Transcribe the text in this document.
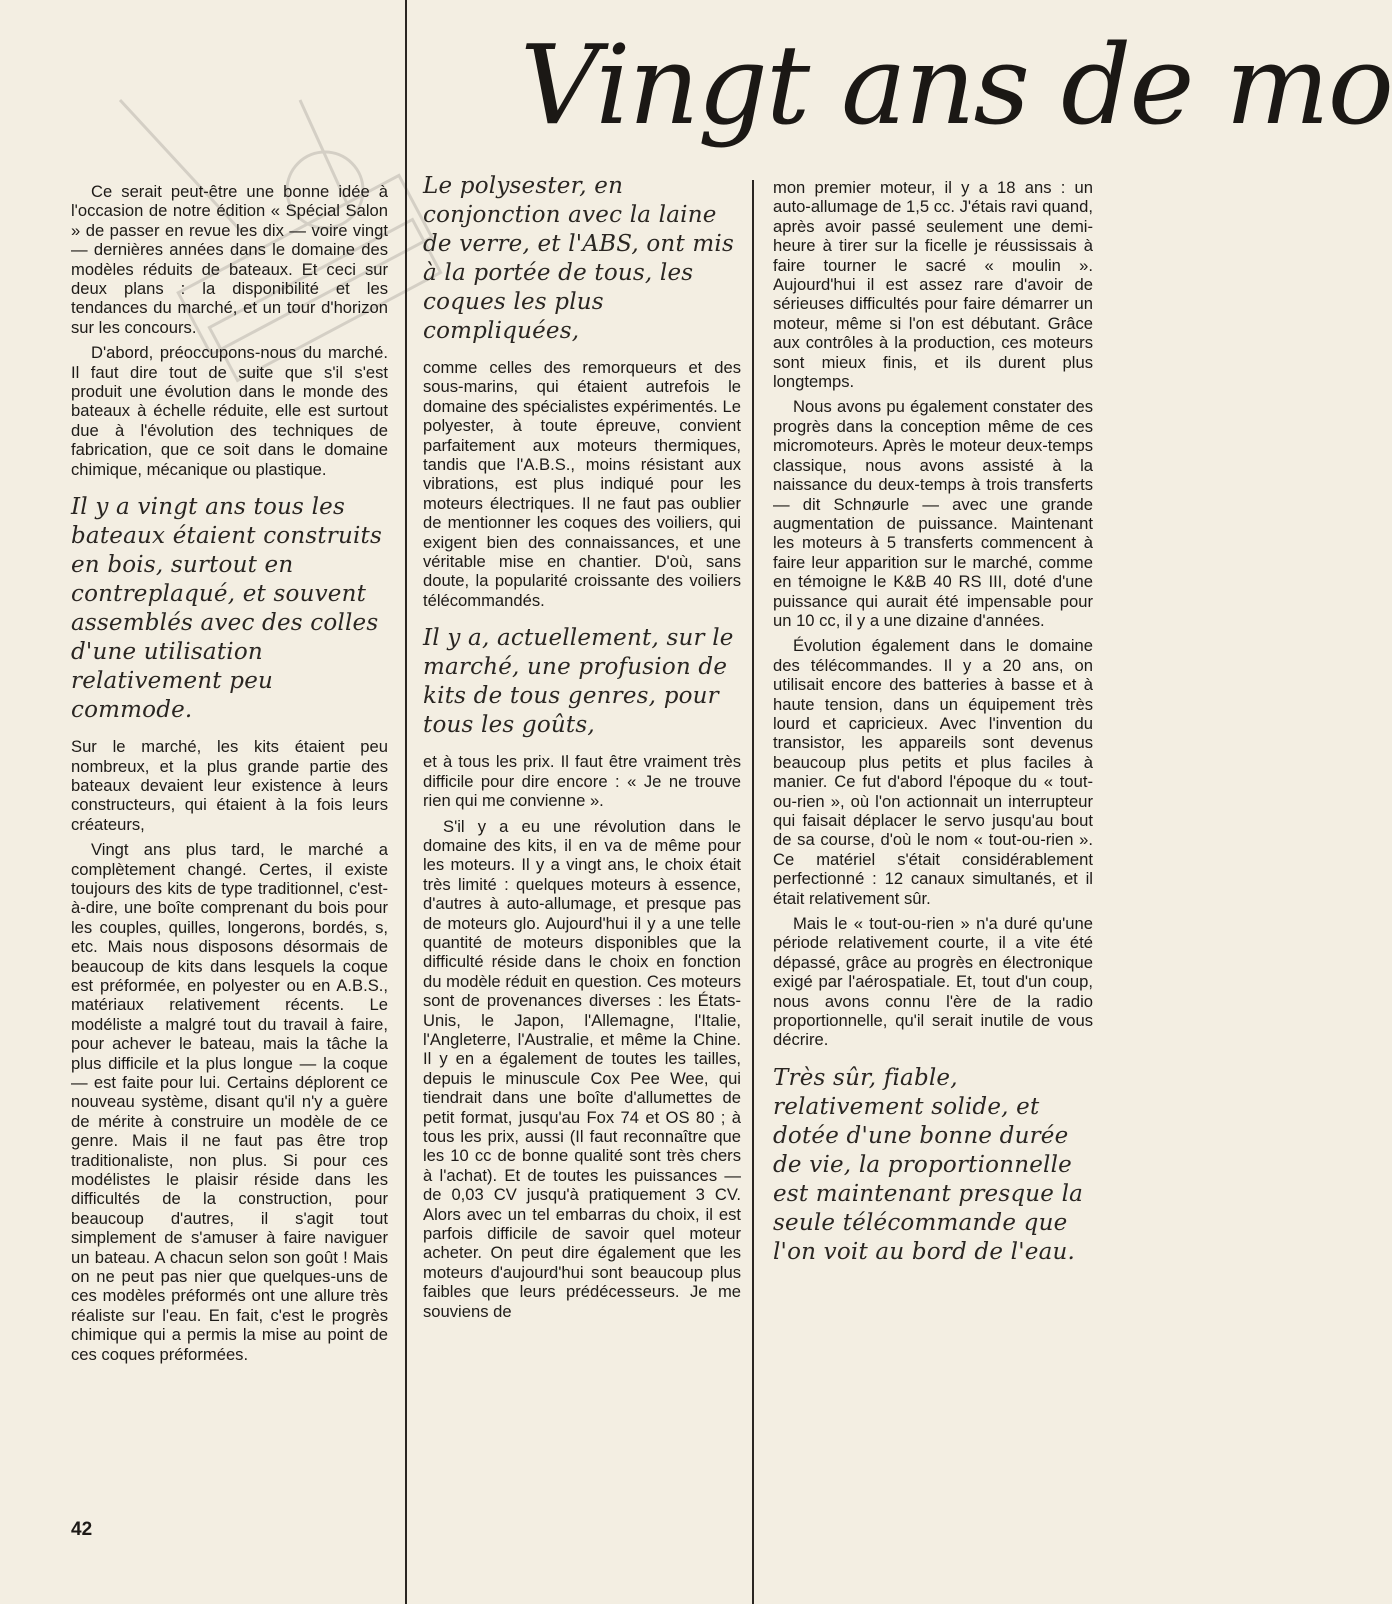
Vingt ans de mo

Ce serait peut-être une bonne idée à l'occasion de notre édition « Spécial Salon » de passer en revue les dix — voire vingt — dernières années dans le domaine des modèles réduits de bateaux. Et ceci sur deux plans : la disponibilité et les tendances du marché, et un tour d'horizon sur les concours.

D'abord, préoccupons-nous du marché. Il faut dire tout de suite que s'il s'est produit une évolution dans le monde des bateaux à échelle réduite, elle est surtout due à l'évolution des techniques de fabrication, que ce soit dans le domaine chimique, mécanique ou plastique.

Il y a vingt ans tous les bateaux étaient construits en bois, surtout en contreplaqué, et souvent assemblés avec des colles d'une utilisation relativement peu commode.

Sur le marché, les kits étaient peu nombreux, et la plus grande partie des bateaux devaient leur existence à leurs constructeurs, qui étaient à la fois leurs créateurs,

Vingt ans plus tard, le marché a complètement changé. Certes, il existe toujours des kits de type traditionnel, c'est-à-dire, une boîte comprenant du bois pour les couples, quilles, longerons, bordés, s, etc. Mais nous disposons désormais de beaucoup de kits dans lesquels la coque est préformée, en polyester ou en A.B.S., matériaux relativement récents. Le modéliste a malgré tout du travail à faire, pour achever le bateau, mais la tâche la plus difficile et la plus longue — la coque — est faite pour lui. Certains déplorent ce nouveau système, disant qu'il n'y a guère de mérite à construire un modèle de ce genre. Mais il ne faut pas être trop traditionaliste, non plus. Si pour ces modélistes le plaisir réside dans les difficultés de la construction, pour beaucoup d'autres, il s'agit tout simplement de s'amuser à faire naviguer un bateau. A chacun selon son goût ! Mais on ne peut pas nier que quelques-uns de ces modèles préformés ont une allure très réaliste sur l'eau. En fait, c'est le progrès chimique qui a permis la mise au point de ces coques préformées.

Le polysester, en conjonction avec la laine de verre, et l'ABS, ont mis à la portée de tous, les coques les plus compliquées,

comme celles des remorqueurs et des sous-marins, qui étaient autrefois le domaine des spécialistes expérimentés. Le polyester, à toute épreuve, convient parfaitement aux moteurs thermiques, tandis que l'A.B.S., moins résistant aux vibrations, est plus indiqué pour les moteurs électriques. Il ne faut pas oublier de mentionner les coques des voiliers, qui exigent bien des connaissances, et une véritable mise en chantier. D'où, sans doute, la popularité croissante des voiliers télécommandés.

Il y a, actuellement, sur le marché, une profusion de kits de tous genres, pour tous les goûts,

et à tous les prix. Il faut être vraiment très difficile pour dire encore : « Je ne trouve rien qui me convienne ».

S'il y a eu une révolution dans le domaine des kits, il en va de même pour les moteurs. Il y a vingt ans, le choix était très limité : quelques moteurs à essence, d'autres à auto-allumage, et presque pas de moteurs glo. Aujourd'hui il y a une telle quantité de moteurs disponibles que la difficulté réside dans le choix en fonction du modèle réduit en question. Ces moteurs sont de provenances diverses : les États-Unis, le Japon, l'Allemagne, l'Italie, l'Angleterre, l'Australie, et même la Chine. Il y en a également de toutes les tailles, depuis le minuscule Cox Pee Wee, qui tiendrait dans une boîte d'allumettes de petit format, jusqu'au Fox 74 et OS 80 ; à tous les prix, aussi (Il faut reconnaître que les 10 cc de bonne qualité sont très chers à l'achat). Et de toutes les puissances — de 0,03 CV jusqu'à pratiquement 3 CV. Alors avec un tel embarras du choix, il est parfois difficile de savoir quel moteur acheter. On peut dire également que les moteurs d'aujourd'hui sont beaucoup plus faibles que leurs prédécesseurs. Je me souviens de

mon premier moteur, il y a 18 ans : un auto-allumage de 1,5 cc. J'étais ravi quand, après avoir passé seulement une demi-heure à tirer sur la ficelle je réussissais à faire tourner le sacré « moulin ». Aujourd'hui il est assez rare d'avoir de sérieuses difficultés pour faire démarrer un moteur, même si l'on est débutant. Grâce aux contrôles à la production, ces moteurs sont mieux finis, et ils durent plus longtemps.

Nous avons pu également constater des progrès dans la conception même de ces micromoteurs. Après le moteur deux-temps classique, nous avons assisté à la naissance du deux-temps à trois transferts — dit Schnøurle — avec une grande augmentation de puissance. Maintenant les moteurs à 5 transferts commencent à faire leur apparition sur le marché, comme en témoigne le K&B 40 RS III, doté d'une puissance qui aurait été impensable pour un 10 cc, il y a une dizaine d'années.

Évolution également dans le domaine des télécommandes. Il y a 20 ans, on utilisait encore des batteries à basse et à haute tension, dans un équipement très lourd et capricieux. Avec l'invention du transistor, les appareils sont devenus beaucoup plus petits et plus faciles à manier. Ce fut d'abord l'époque du « tout-ou-rien », où l'on actionnait un interrupteur qui faisait déplacer le servo jusqu'au bout de sa course, d'où le nom « tout-ou-rien ». Ce matériel s'était considérablement perfectionné : 12 canaux simultanés, et il était relativement sûr.

Mais le « tout-ou-rien » n'a duré qu'une période relativement courte, il a vite été dépassé, grâce au progrès en électronique exigé par l'aérospatiale. Et, tout d'un coup, nous avons connu l'ère de la radio proportionnelle, qu'il serait inutile de vous décrire.

Très sûr, fiable, relativement solide, et dotée d'une bonne durée de vie, la proportionnelle est maintenant presque la seule télécommande que l'on voit au bord de l'eau.
42
